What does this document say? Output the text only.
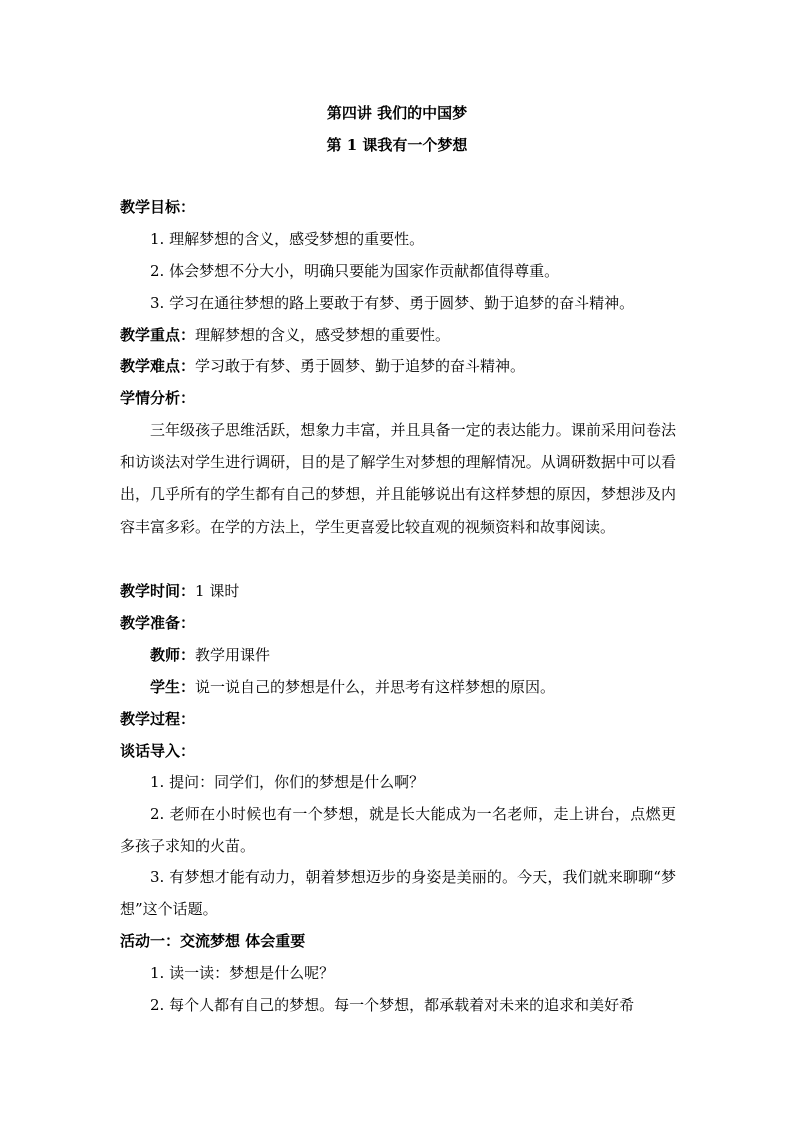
第四讲 我们的中国梦
第 1 课我有一个梦想
教学目标：
1. 理解梦想的含义，感受梦想的重要性。
2. 体会梦想不分大小，明确只要能为国家作贡献都值得尊重。
3. 学习在通往梦想的路上要敢于有梦、勇于圆梦、勤于追梦的奋斗精神。
教学重点：理解梦想的含义，感受梦想的重要性。
教学难点：学习敢于有梦、勇于圆梦、勤于追梦的奋斗精神。
学情分析：
三年级孩子思维活跃，想象力丰富，并且具备一定的表达能力。课前采用问卷法和访谈法对学生进行调研，目的是了解学生对梦想的理解情况。从调研数据中可以看出，几乎所有的学生都有自己的梦想，并且能够说出有这样梦想的原因，梦想涉及内容丰富多彩。在学的方法上，学生更喜爱比较直观的视频资料和故事阅读。
教学时间：1 课时
教学准备：
教师：教学用课件
学生：说一说自己的梦想是什么，并思考有这样梦想的原因。
教学过程：
谈话导入：
1. 提问：同学们，你们的梦想是什么啊？
2. 老师在小时候也有一个梦想，就是长大能成为一名老师，走上讲台，点燃更多孩子求知的火苗。
3. 有梦想才能有动力，朝着梦想迈步的身姿是美丽的。今天，我们就来聊聊“梦想”这个话题。
活动一：交流梦想 体会重要
1. 读一读：梦想是什么呢？
2. 每个人都有自己的梦想。每一个梦想，都承载着对未来的追求和美好希
